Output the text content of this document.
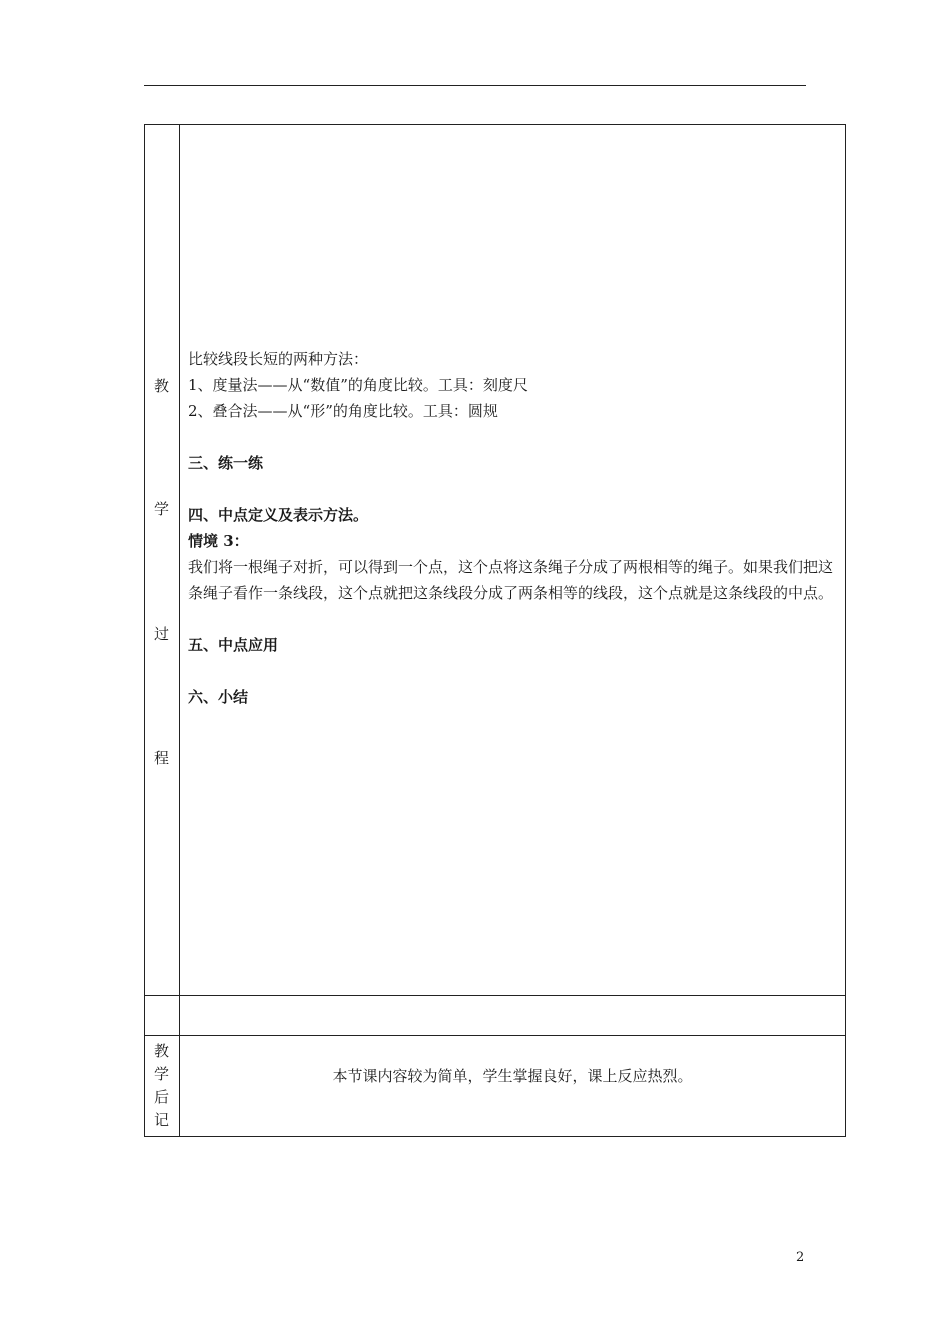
教
学
过
程

比较线段长短的两种方法：

1、度量法——从“数值”的角度比较。工具：刻度尺

2、叠合法——从“形”的角度比较。工具：圆规

三、练一练

四、中点定义及表示方法。

情境 3：

我们将一根绳子对折，可以得到一个点，这个点将这条绳子分成了两根相等的绳子。如果我们把这条绳子看作一条线段，这个点就把这条线段分成了两条相等的线段，这个点就是这条线段的中点。

五、中点应用

六、小结

教
学
后
记
本节课内容较为简单，学生掌握良好，课上反应热烈。
2
